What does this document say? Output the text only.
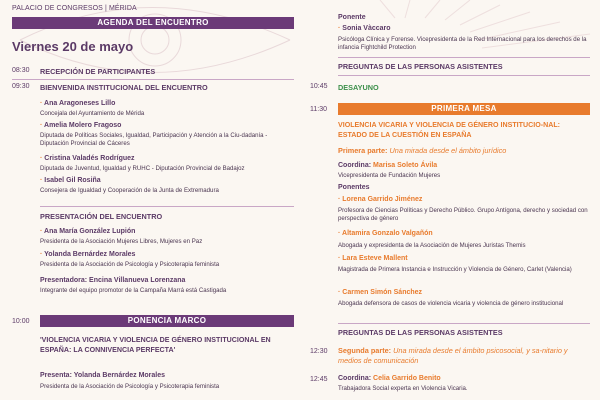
PALACIO DE CONGRESOS | MÉRIDA
AGENDA DEL ENCUENTRO
Viernes 20 de mayo
08:30 RECEPCIÓN DE PARTICIPANTES
09:30 BIENVENIDA INSTITUCIONAL DEL ENCUENTRO
· Ana Aragoneses Lillo
Concejala del Ayuntamiento de Mérida
· Amelia Molero Fragoso
Diputada de Políticas Sociales, Igualdad, Participación y Atención a la Ciu-dadanía - Diputación Provincial de Cáceres
· Cristina Valadés Rodríguez
Diputada de Juventud, Igualdad y RUHC - Diputación Provincial de Badajoz
· Isabel Gil Rosiña
Consejera de Igualdad y Cooperación de la Junta de Extremadura
PRESENTACIÓN DEL ENCUENTRO
· Ana María González Lupión
Presidenta de la Asociación Mujeres Libres, Mujeres en Paz
· Yolanda Bernárdez Morales
Presidenta de la Asociación de Psicología y Psicoterapia feminista
Presentadora: Encina Villanueva Lorenzana
Integrante del equipo promotor de la Campaña Marrá está Castigada
10:00	PONENCIA MARCO
'VIOLENCIA VICARIA Y VIOLENCIA DE GÉNERO INSTITUCIONAL EN ESPAÑA: LA CONNIVENCIA PERFECTA'
Presenta: Yolanda Bernárdez Morales
Presidenta de la Asociación de Psicología y Psicoterapia feminista
Ponente
· Sonia Vàccaro
Psicóloga Clínica y Forense. Vicepresidenta de la Red Internacional para los derechos de la infancia Fightchild Protection
PREGUNTAS DE LAS PERSONAS ASISTENTES
10:45 DESAYUNO
11:30	PRIMERA MESA
VIOLENCIA VICARIA Y VIOLENCIA DE GÉNERO INSTITUCIO-NAL: ESTADO DE LA CUESTIÓN EN ESPAÑA
Primera parte: Una mirada desde el ámbito jurídico
Coordina: Marisa Soleto Ávila
Vicepresidenta de Fundación Mujeres
Ponentes
· Lorena Garrido Jiménez
Profesora de Ciencias Políticas y Derecho Público. Grupo Antígona, derecho y sociedad con perspectiva de género
· Altamira Gonzalo Valgañón
Abogada y expresidenta de la Asociación de Mujeres Juristas Themis
· Lara Esteve Mallent
Magistrada de Primera Instancia e Instrucción y Violencia de Género, Carlet (Valencia)
· Carmen Simón Sánchez
Abogada defensora de casos de violencia vicaria y violencia de género institucional
PREGUNTAS DE LAS PERSONAS ASISTENTES
12:30 Segunda parte: Una mirada desde el ámbito psicosocial, y sa-nitario y medios de comunicación
12:45 Coordina: Celia Garrido Benito
Trabajadora Social experta en Violencia Vicaria.
